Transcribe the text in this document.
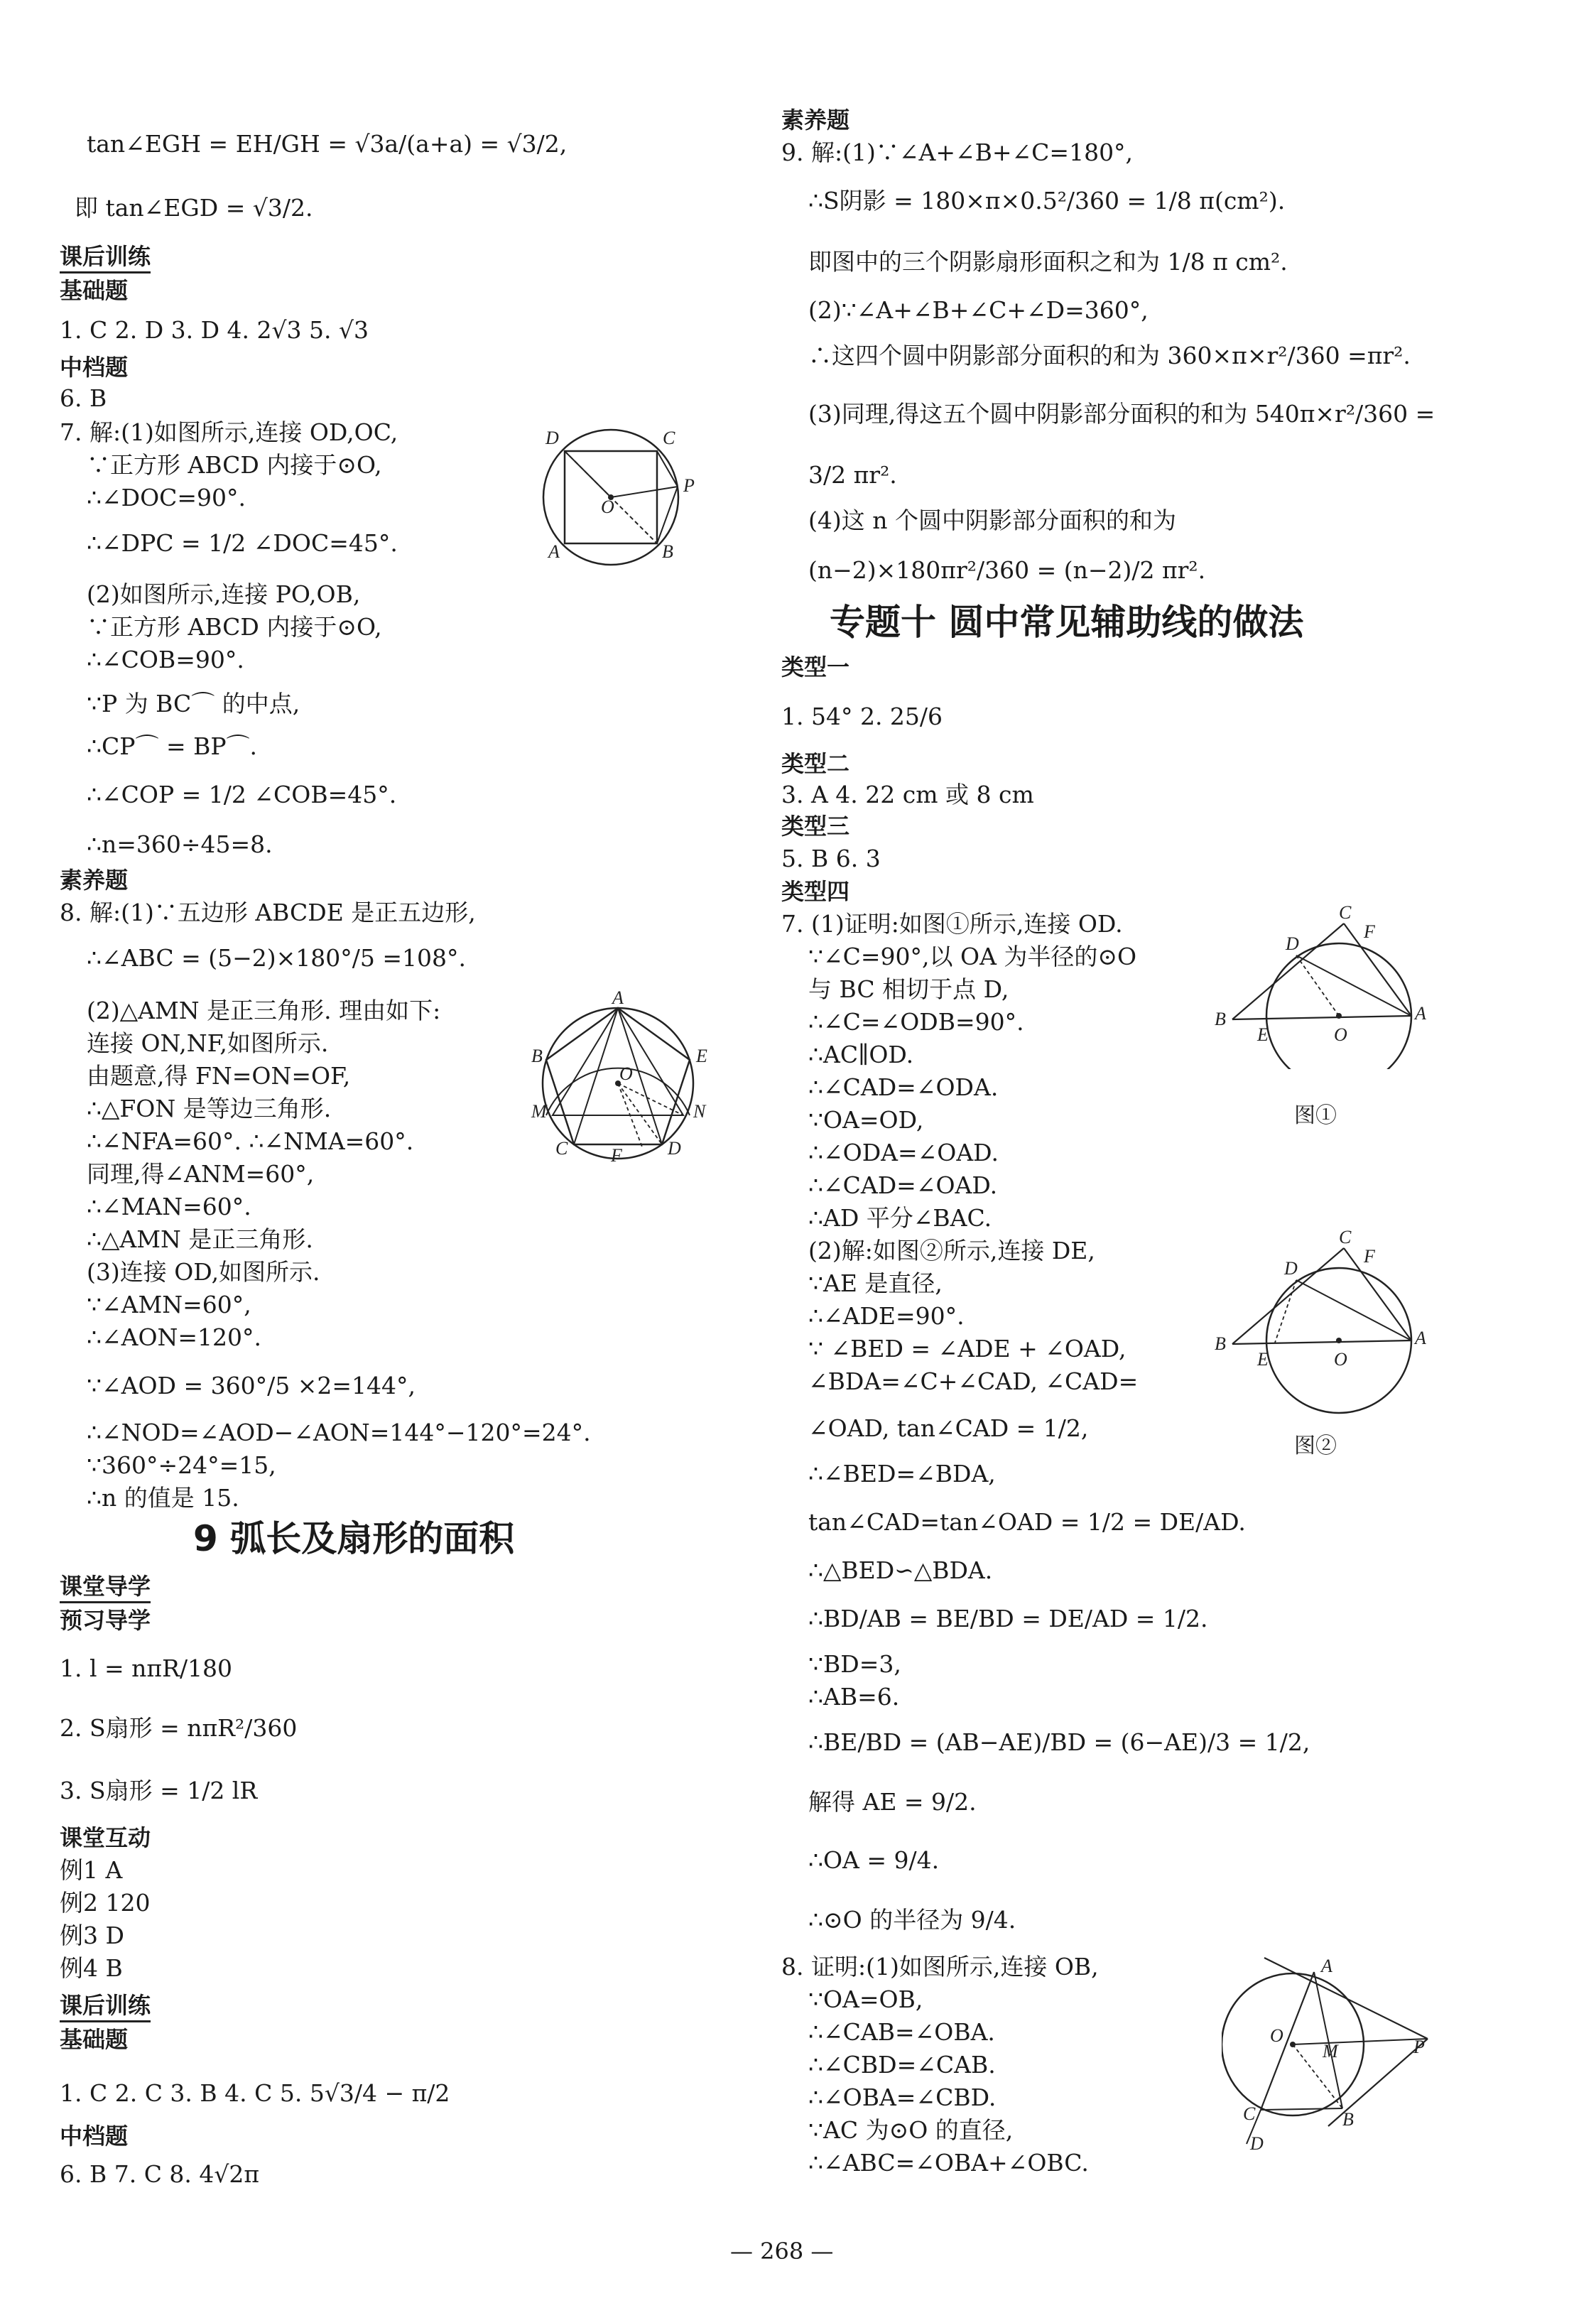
tan∠EGH = EH/GH = √3a/(a+a) = √3/2,
即 tan∠EGD = √3/2.
课后训练
基础题
1. C 2. D 3. D 4. 2√3 5. √3
中档题
6. B
7. 解:(1)如图所示,连接 OD,OC,
∵正方形 ABCD 内接于⊙O,
∴∠DOC=90°.
∴∠DPC = 1/2 ∠DOC=45°.
(2)如图所示,连接 PO,OB,
∵正方形 ABCD 内接于⊙O,
∴∠COB=90°.
∵P 为 BC⌒ 的中点,
∴CP⌒ = BP⌒.
∴∠COP = 1/2 ∠COB=45°.
∴n=360÷45=8.
素养题
8. 解:(1)∵五边形 ABCDE 是正五边形,
∴∠ABC = (5−2)×180°/5 =108°.
(2)△AMN 是正三角形. 理由如下:
连接 ON,NF,如图所示.
由题意,得 FN=ON=OF,
∴△FON 是等边三角形.
∴∠NFA=60°. ∴∠NMA=60°.
同理,得∠ANM=60°,
∴∠MAN=60°.
∴△AMN 是正三角形.
(3)连接 OD,如图所示.
∵∠AMN=60°,
∴∠AON=120°.
∵∠AOD = 360°/5 ×2=144°,
∴∠NOD=∠AOD−∠AON=144°−120°=24°.
∵360°÷24°=15,
∴n 的值是 15.
9 弧长及扇形的面积
课堂导学
预习导学
1. l = nπR/180
2. S扇形 = nπR²/360
3. S扇形 = 1/2 lR
课堂互动
例1 A
例2 120
例3 D
例4 B
课后训练
基础题
1. C 2. C 3. B 4. C 5. 5√3/4 − π/2
中档题
6. B 7. C 8. 4√2π
D	C
P
O
A	B
A
B	E
O
M	N
C	D
F
素养题
9. 解:(1)∵∠A+∠B+∠C=180°,
∴S阴影 = 180×π×0.5²/360 = 1/8 π(cm²).
即图中的三个阴影扇形面积之和为 1/8 π cm².
(2)∵∠A+∠B+∠C+∠D=360°,
∴这四个圆中阴影部分面积的和为 360×π×r²/360 =πr².
(3)同理,得这五个圆中阴影部分面积的和为 540π×r²/360 =
3/2 πr².
(4)这 n 个圆中阴影部分面积的和为
(n−2)×180πr²/360 = (n−2)/2 πr².
专题十 圆中常见辅助线的做法
类型一
1. 54° 2. 25/6
类型二
3. A 4. 22 cm 或 8 cm
类型三
5. B 6. 3
类型四
7. (1)证明:如图①所示,连接 OD.
∵∠C=90°,以 OA 为半径的⊙O
与 BC 相切于点 D,
∴∠C=∠ODB=90°.
∴AC∥OD.
∴∠CAD=∠ODA.
∵OA=OD,
∴∠ODA=∠OAD.
∴∠CAD=∠OAD.
∴AD 平分∠BAC.
(2)解:如图②所示,连接 DE,
∵AE 是直径,
∴∠ADE=90°.
∵ ∠BED = ∠ADE + ∠OAD,
∠BDA=∠C+∠CAD, ∠CAD=
∠OAD, tan∠CAD = 1/2,
∴∠BED=∠BDA,
tan∠CAD=tan∠OAD = 1/2 = DE/AD.
∴△BED∽△BDA.
∴BD/AB = BE/BD = DE/AD = 1/2.
∵BD=3,
∴AB=6.
∴BE/BD = (AB−AE)/BD = (6−AE)/3 = 1/2,
解得 AE = 9/2.
∴OA = 9/4.
∴⊙O 的半径为 9/4.
8. 证明:(1)如图所示,连接 OB,
∵OA=OB,
∴∠CAB=∠OBA.
∴∠CBD=∠CAB.
∴∠OBA=∠CBD.
∵AC 为⊙O 的直径,
∴∠ABC=∠OBA+∠OBC.
C
F
D
B
E	O
A
图①
C
F
D
B
E	O
A
图②
A
O
M	P
C	B
D
— 268 —
